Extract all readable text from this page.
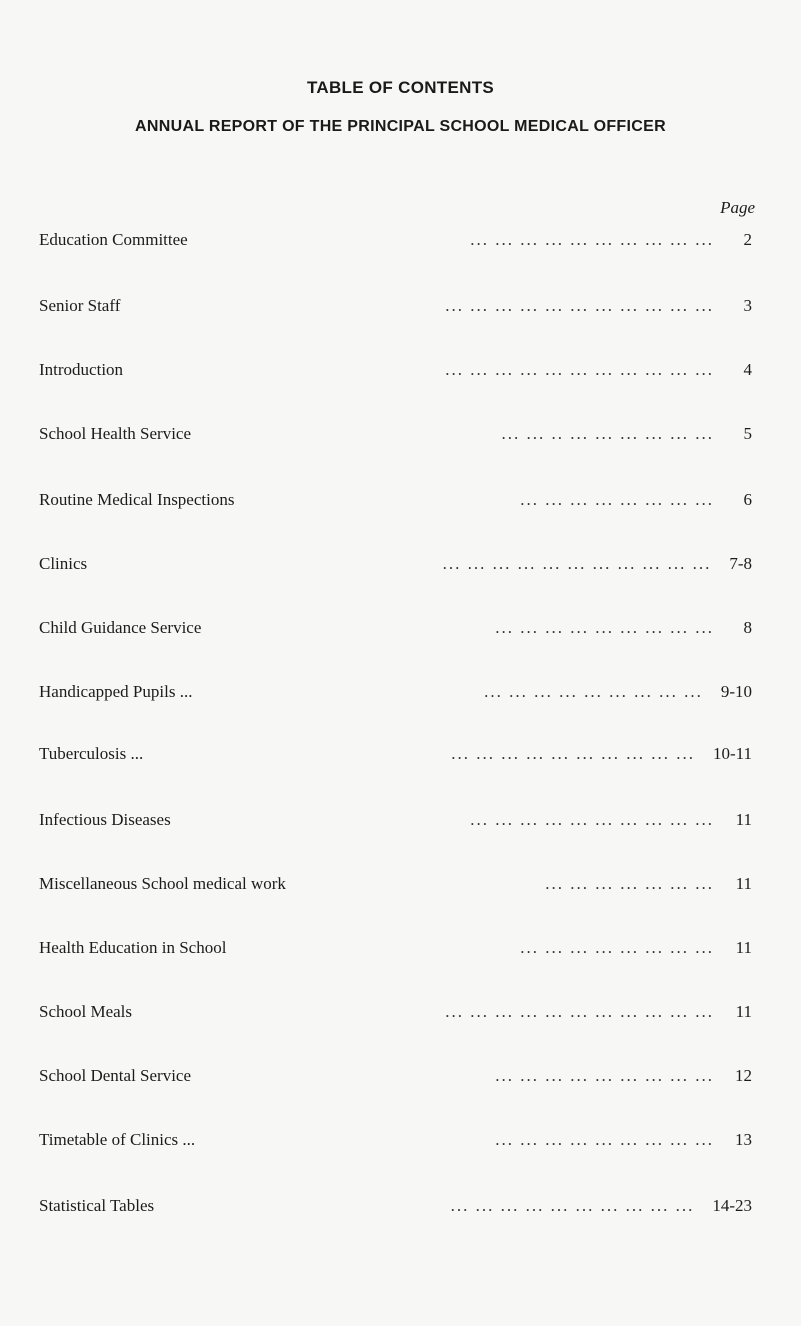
TABLE OF CONTENTS
ANNUAL REPORT OF THE PRINCIPAL SCHOOL MEDICAL OFFICER
Page
Education Committee	... ... ... ... ... ... ... ... ... ...	2
Senior Staff	... ... ... ... ... ... ... ... ... ... ...	3
Introduction	... ... ... ... ... ... ... ... ... ... ...	4
School Health Service	... ... .. ... ... ... ... ... ...	5
Routine Medical Inspections	... ... ... ... ... ... ... ...	6
Clinics	... ... ... ... ... ... ... ... ... ... ...	7-8
Child Guidance Service	... ... ... ... ... ... ... ... ...	8
Handicapped Pupils ...	... ... ... ... ... ... ... ... ...	9-10
Tuberculosis ...	... ... ... ... ... ... ... ... ... ...	10-11
Infectious Diseases	... ... ... ... ... ... ... ... ... ...	11
Miscellaneous School medical work	... ... ... ... ... ... ...	11
Health Education in School	... ... ... ... ... ... ... ...	11
School Meals	... ... ... ... ... ... ... ... ... ... ...	11
School Dental Service	... ... ... ... ... ... ... ... ...	12
Timetable of Clinics ...	... ... ... ... ... ... ... ... ...	13
Statistical Tables	... ... ... ... ... ... ... ... ... ...	14-23
